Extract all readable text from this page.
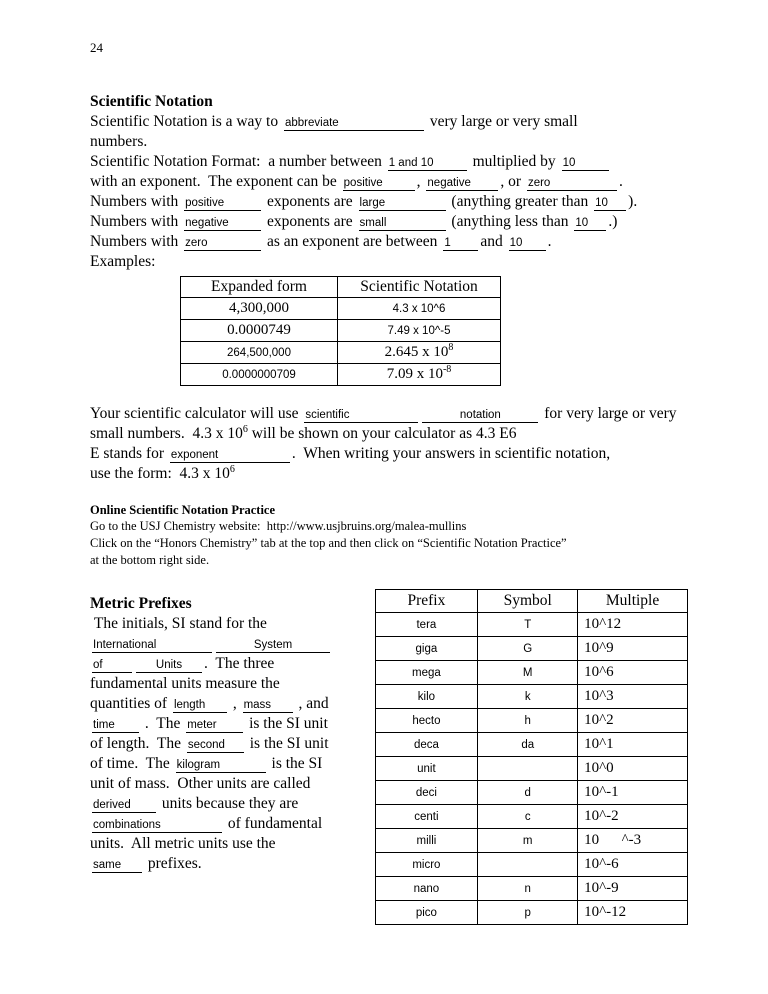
24
Scientific Notation
Scientific Notation is a way to abbreviate	very large or very small
numbers.
Scientific Notation Format:  a number between 1 and 10 multiplied by 10
with an exponent.  The exponent can be positive , negative , or zero	.
Numbers with positive	exponents are large	(anything greater than 10 ).
Numbers with negative exponents are small	(anything less than 10 .)
Numbers with zero	as an exponent are between 1 and 10 .
Examples:
Expanded form	Scientific Notation
4,300,000	4.3 x 10^6
0.0000749	7.49 x 10^-5
264,500,000	2.645 x $10^8$
0.0000000709	7.09 x $10^{-8}$
Your scientific calculator will use scientific	notation	for very large or very
small numbers.  4.3 x $10^6$ will be shown on your calculator as 4.3 E6
E stands for exponent	.  When writing your answers in scientific notation,
use the form:  4.3 x $10^6$
Online Scientific Notation Practice
Go to the USJ Chemistry website:  http://www.usjbruins.org/malea-mullins
Click on the “Honors Chemistry” tab at the top and then click on “Scientific Notation Practice”
at the bottom right side.
Metric Prefixes
The initials, SI stand for the
International	System
of	Units .  The three
fundamental units measure the
quantities of length , mass , and
time .  The meter is the SI unit
of length.  The second is the SI unit
of time.  The kilogram	is the SI
unit of mass.  Other units are called
derived units because they are
combinations	of fundamental
units.  All metric units use the
same prefixes.
Prefix	Symbol	Multiple
tera	T	10^12
giga	G	10^9
mega	M	10^6
kilo	k	10^3
hecto	h	10^2
deca	da	10^1
unit		10^0
deci	d	10^-1
centi	c	10^-2
milli	m	10      ^-3
micro		10^-6
nano	n	10^-9
pico	p	10^-12
